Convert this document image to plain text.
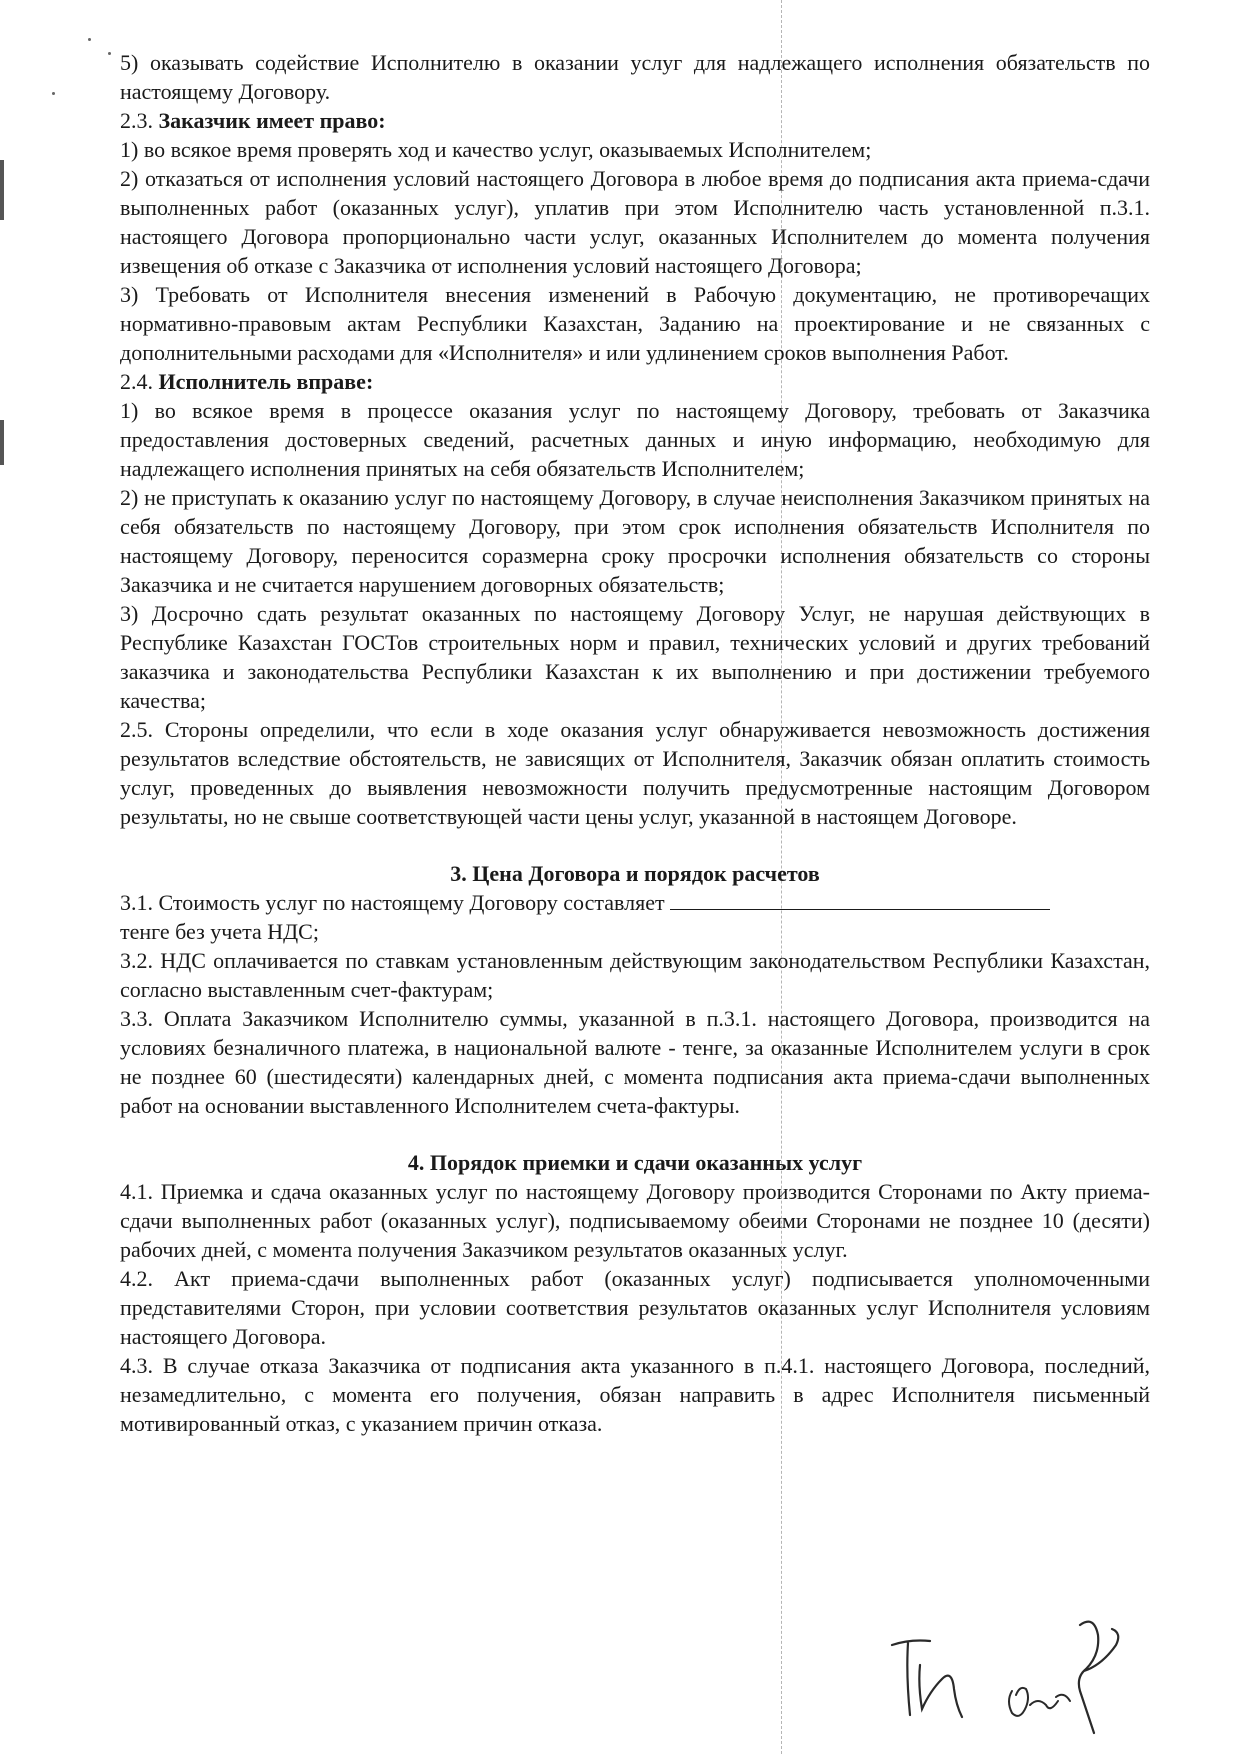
5) оказывать содействие Исполнителю в оказании услуг для надлежащего исполнения обязательств по настоящему Договору.

2.3. Заказчик имеет право:

1) во всякое время проверять ход и качество услуг, оказываемых Исполнителем;

2) отказаться от исполнения условий настоящего Договора в любое время до подписания акта приема-сдачи выполненных работ (оказанных услуг), уплатив при этом Исполнителю часть установленной п.3.1. настоящего Договора пропорционально части услуг, оказанных Исполнителем до момента получения извещения об отказе с Заказчика от исполнения условий настоящего Договора;

3) Требовать от Исполнителя внесения изменений в Рабочую документацию, не противоречащих нормативно-правовым актам Республики Казахстан, Заданию на проектирование и не связанных с дополнительными расходами для «Исполнителя» и или удлинением сроков выполнения Работ.

2.4. Исполнитель вправе:

1) во всякое время в процессе оказания услуг по настоящему Договору, требовать от Заказчика предоставления достоверных сведений, расчетных данных и иную информацию, необходимую для надлежащего исполнения принятых на себя обязательств Исполнителем;

2) не приступать к оказанию услуг по настоящему Договору, в случае неисполнения Заказчиком принятых на себя обязательств по настоящему Договору, при этом срок исполнения обязательств Исполнителя по настоящему Договору, переносится соразмерна сроку просрочки исполнения обязательств со стороны Заказчика и не считается нарушением договорных обязательств;

3) Досрочно сдать результат оказанных по настоящему Договору Услуг, не нарушая действующих в Республике Казахстан ГОСТов строительных норм и правил, технических условий и других требований заказчика и законодательства Республики Казахстан к их выполнению и при достижении требуемого качества;

2.5. Стороны определили, что если в ходе оказания услуг обнаруживается невозможность достижения результатов вследствие обстоятельств, не зависящих от Исполнителя, Заказчик обязан оплатить стоимость услуг, проведенных до выявления невозможности получить предусмотренные настоящим Договором результаты, но не свыше соответствующей части цены услуг, указанной в настоящем Договоре.

3. Цена Договора и порядок расчетов

3.1. Стоимость услуг по настоящему Договору составляет
тенге без учета НДС;

3.2. НДС оплачивается по ставкам установленным действующим законодательством Республики Казахстан, согласно выставленным счет-фактурам;

3.3. Оплата Заказчиком Исполнителю суммы, указанной в п.3.1. настоящего Договора, производится на условиях безналичного платежа, в национальной валюте - тенге, за оказанные Исполнителем услуги в срок не позднее 60 (шестидесяти) календарных дней, с момента подписания акта приема-сдачи выполненных работ на основании выставленного Исполнителем счета-фактуры.

4. Порядок приемки и сдачи оказанных услуг

4.1. Приемка и сдача оказанных услуг по настоящему Договору производится Сторонами по Акту приема-сдачи выполненных работ (оказанных услуг), подписываемому обеими Сторонами не позднее 10 (десяти) рабочих дней, с момента получения Заказчиком результатов оказанных услуг.

4.2. Акт приема-сдачи выполненных работ (оказанных услуг) подписывается уполномоченными представителями Сторон, при условии соответствия результатов оказанных услуг Исполнителя условиям настоящего Договора.

4.3. В случае отказа Заказчика от подписания акта указанного в п.4.1. настоящего Договора, последний, незамедлительно, с момента его получения, обязан направить в адрес Исполнителя письменный мотивированный отказ, с указанием причин отказа.
